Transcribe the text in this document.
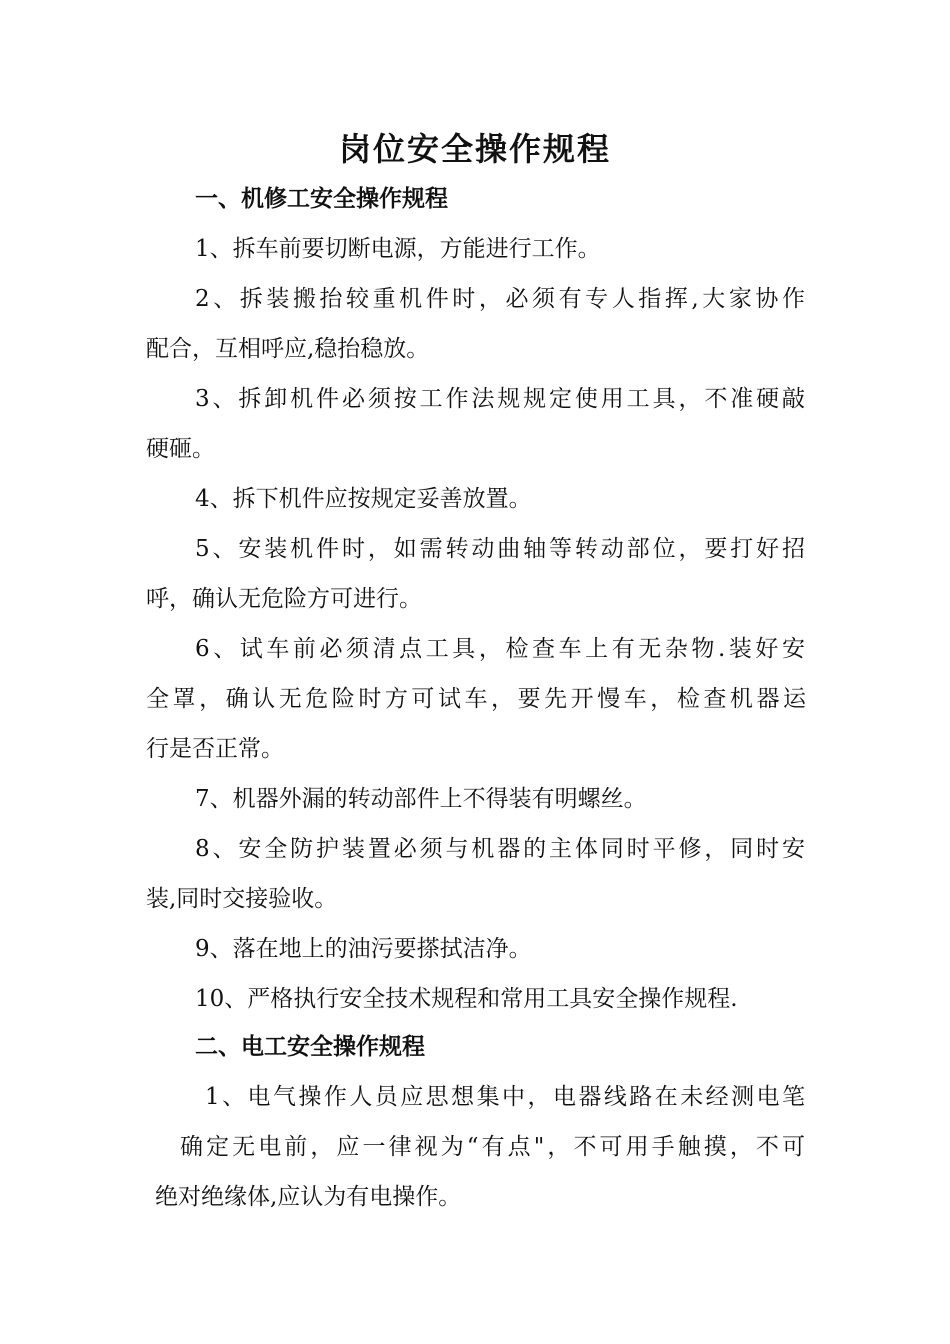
岗位安全操作规程

一、机修工安全操作规程

1、拆车前要切断电源，方能进行工作。

2、拆装搬抬较重机件时，必须有专人指挥,大家协作

配合，互相呼应,稳抬稳放。

3、拆卸机件必须按工作法规规定使用工具，不准硬敲

硬砸。

4、拆下机件应按规定妥善放置。

5、安装机件时，如需转动曲轴等转动部位，要打好招

呼，确认无危险方可进行。

6、试车前必须清点工具，检查车上有无杂物.装好安

全罩，确认无危险时方可试车，要先开慢车，检查机器运

行是否正常。

7、机器外漏的转动部件上不得装有明螺丝。

8、安全防护装置必须与机器的主体同时平修，同时安

装,同时交接验收。

9、落在地上的油污要搽拭洁净。

10、严格执行安全技术规程和常用工具安全操作规程.

二、电工安全操作规程

1、电气操作人员应思想集中，电器线路在未经测电笔

确定无电前，应一律视为“有点"，不可用手触摸，不可

绝对绝缘体,应认为有电操作。
